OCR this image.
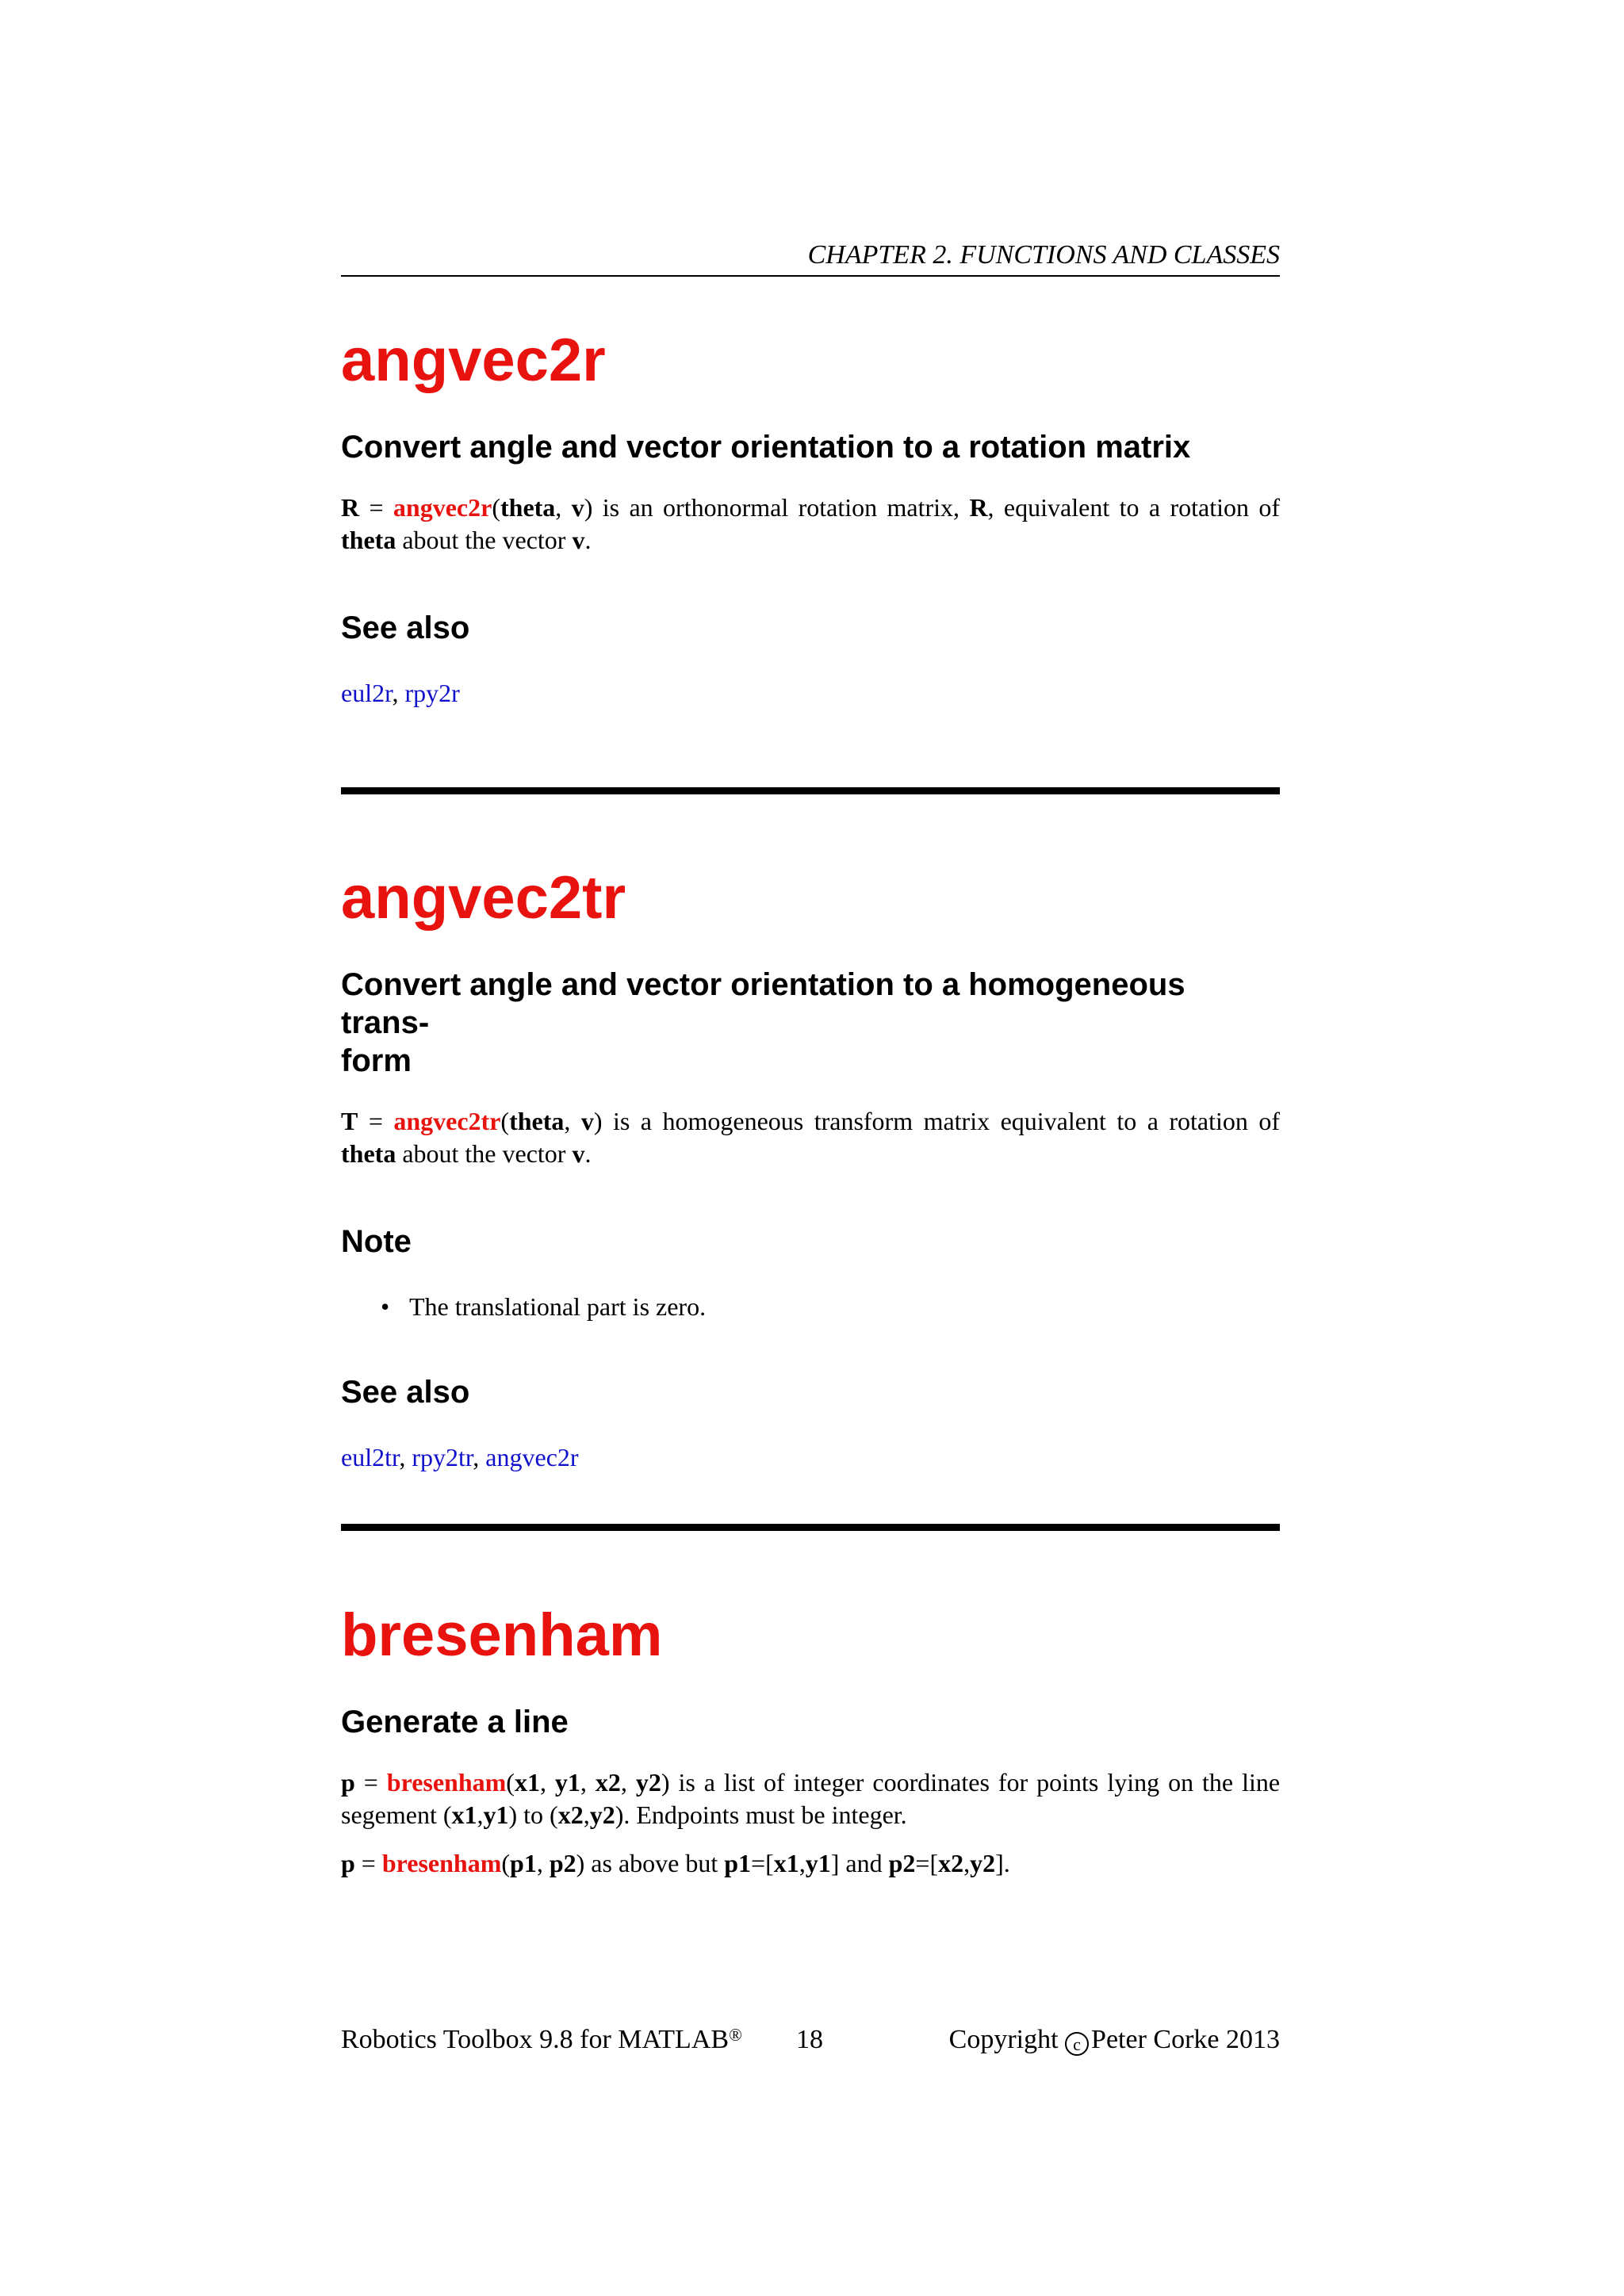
CHAPTER 2. FUNCTIONS AND CLASSES
angvec2r
Convert angle and vector orientation to a rotation matrix

R = angvec2r(theta, v) is an orthonormal rotation matrix, R, equivalent to a rotation of theta about the vector v.

See also

eul2r, rpy2r

angvec2tr
Convert angle and vector orientation to a homogeneous trans-
form

T = angvec2tr(theta, v) is a homogeneous transform matrix equivalent to a rotation of theta about the vector v.

Note
• The translational part is zero.
See also

eul2tr, rpy2tr, angvec2r

bresenham
Generate a line

p = bresenham(x1, y1, x2, y2) is a list of integer coordinates for points lying on the line segement (x1,y1) to (x2,y2). Endpoints must be integer.

p = bresenham(p1, p2) as above but p1=[x1,y1] and p2=[x2,y2].

Robotics Toolbox 9.8 for MATLAB® 18	Copyright c Peter Corke 2013
